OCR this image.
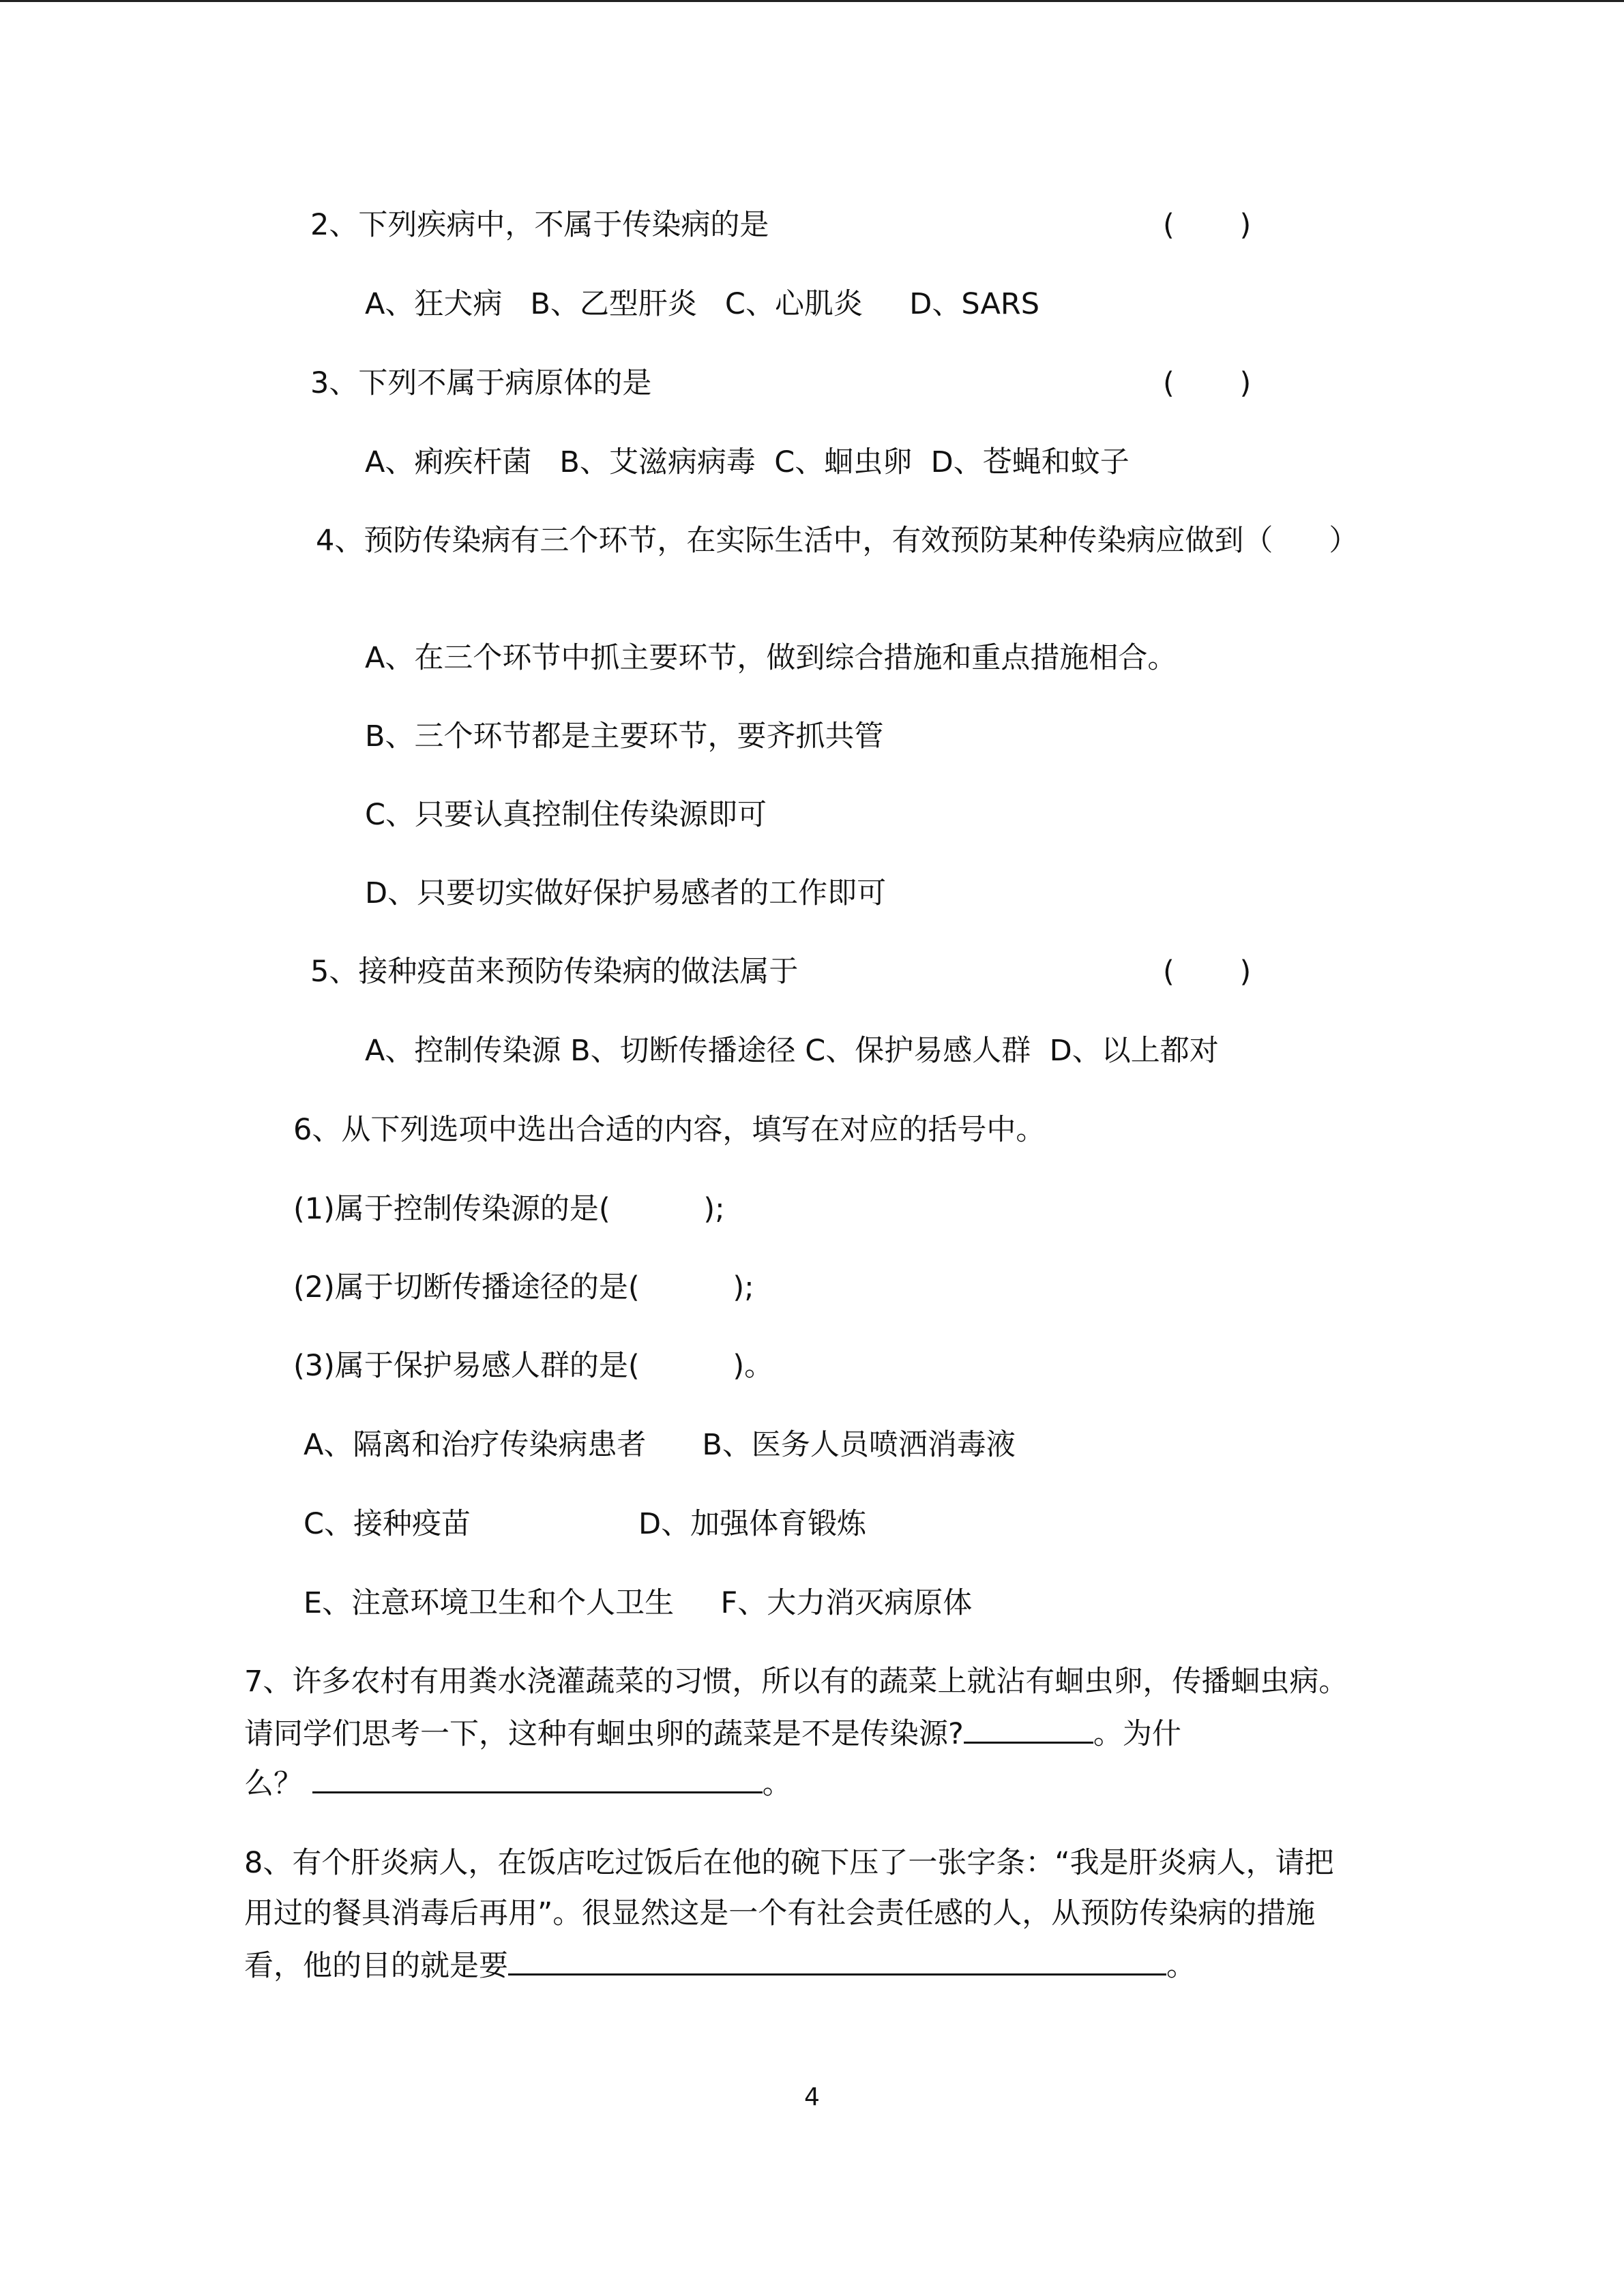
2、下列疾病中，不属于传染病的是	(       )
A、狂犬病   B、乙型肝炎   C、心肌炎     D、SARS
3、下列不属于病原体的是	(       )
A、痢疾杆菌   B、艾滋病病毒  C、蛔虫卵  D、苍蝇和蚊子
4、预防传染病有三个环节，在实际生活中，有效预防某种传染病应做到（      ）
A、在三个环节中抓主要环节，做到综合措施和重点措施相合。
B、三个环节都是主要环节，要齐抓共管
C、只要认真控制住传染源即可
D、只要切实做好保护易感者的工作即可
5、接种疫苗来预防传染病的做法属于	(       )
A、控制传染源 B、切断传播途径 C、保护易感人群  D、以上都对
6、从下列选项中选出合适的内容，填写在对应的括号中。
(1)属于控制传染源的是(          );
(2)属于切断传播途径的是(          );
(3)属于保护易感人群的是(          )。
A、隔离和治疗传染病患者      B、医务人员喷洒消毒液
C、接种疫苗                  D、加强体育锻炼
E、注意环境卫生和个人卫生     F、大力消灭病原体
7、许多农村有用粪水浇灌蔬菜的习惯，所以有的蔬菜上就沾有蛔虫卵，传播蛔虫病。
请同学们思考一下，这种有蛔虫卵的蔬菜是不是传染源?	。为什
么？	。
8、有个肝炎病人，在饭店吃过饭后在他的碗下压了一张字条：“我是肝炎病人，请把
用过的餐具消毒后再用”。很显然这是一个有社会责任感的人，从预防传染病的措施
看，他的目的就是要	。
4
